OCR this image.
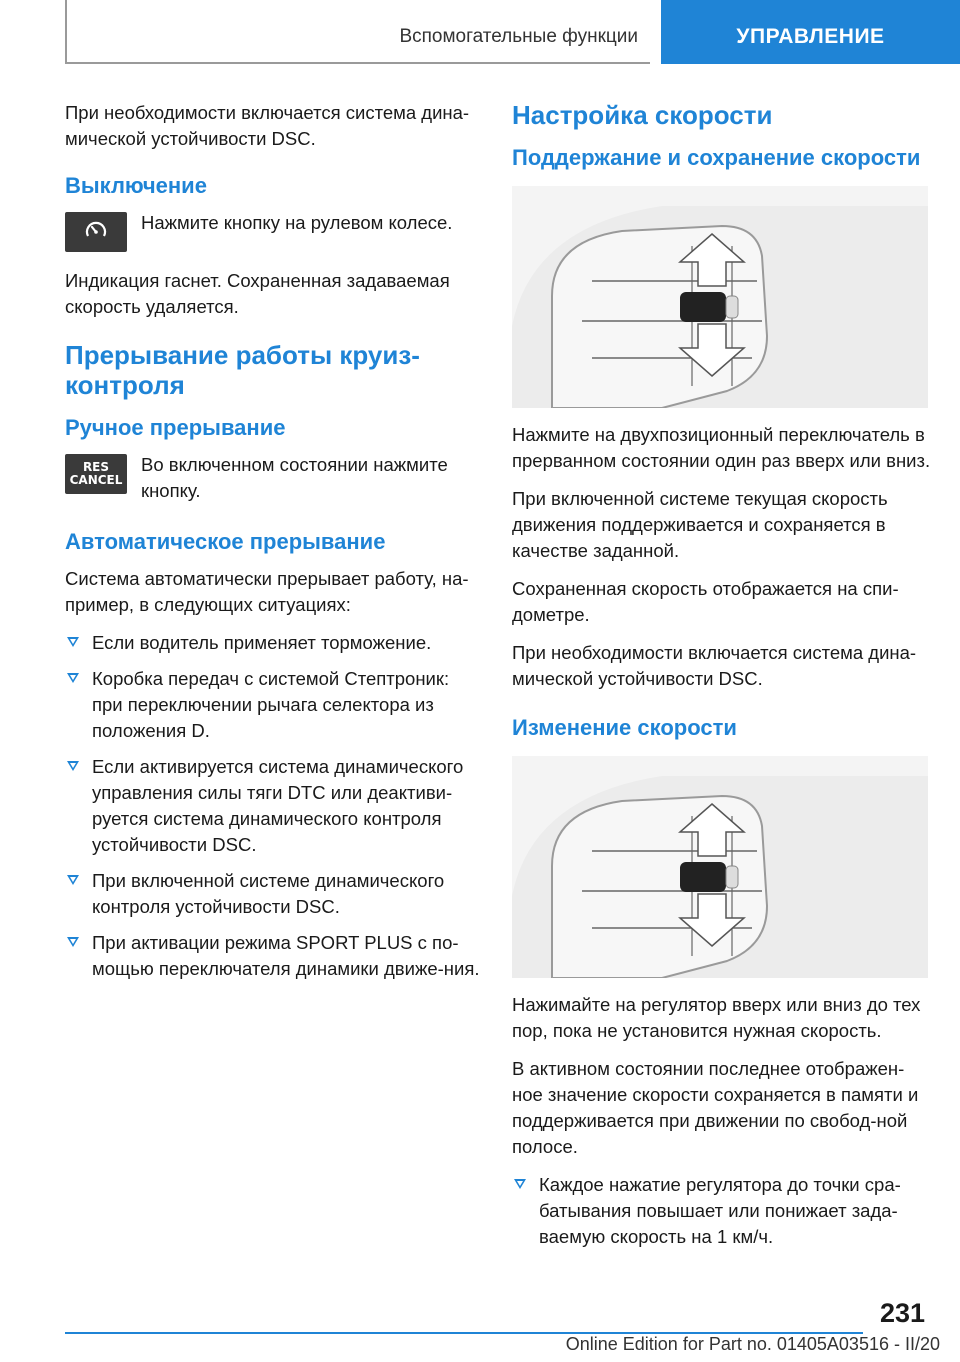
Вспомогательные функции	УПРАВЛЕНИЕ

При необходимости включается система дина-мической устойчивости DSC.

Выключение

Нажмите кнопку на рулевом колесе.

Индикация гаснет. Сохраненная задаваемая скорость удаляется.

Прерывание работы круиз-контроля
Ручное прерывание
RES
CANCEL

Во включенном состоянии нажмите кнопку.

Автоматическое прерывание

Система автоматически прерывает работу, на-пример, в следующих ситуациях:

Если водитель применяет торможение.
Коробка передач с системой Стептроник: при переключении рычага селектора из положения D.
Если активируется система динамического управления силы тяги DTC или деактиви-руется система динамического контроля устойчивости DSC.
При включенной системе динамического контроля устойчивости DSC.
При активации режима SPORT PLUS с по-мощью переключателя динамики движе-ния.
Настройка скорости
Поддержание и сохранение скорости

Нажмите на двухпозиционный переключатель в прерванном состоянии один раз вверх или вниз.

При включенной системе текущая скорость движения поддерживается и сохраняется в качестве заданной.

Сохраненная скорость отображается на спи-дометре.

При необходимости включается система дина-мической устойчивости DSC.

Изменение скорости

Нажимайте на регулятор вверх или вниз до тех пор, пока не установится нужная скорость.

В активном состоянии последнее отображен-ное значение скорости сохраняется в памяти и поддерживается при движении по свобод-ной полосе.

Каждое нажатие регулятора до точки сра-батывания повышает или понижает зада-ваемую скорость на 1 км/ч.
231
Online Edition for Part no. 01405A03516 - II/20
